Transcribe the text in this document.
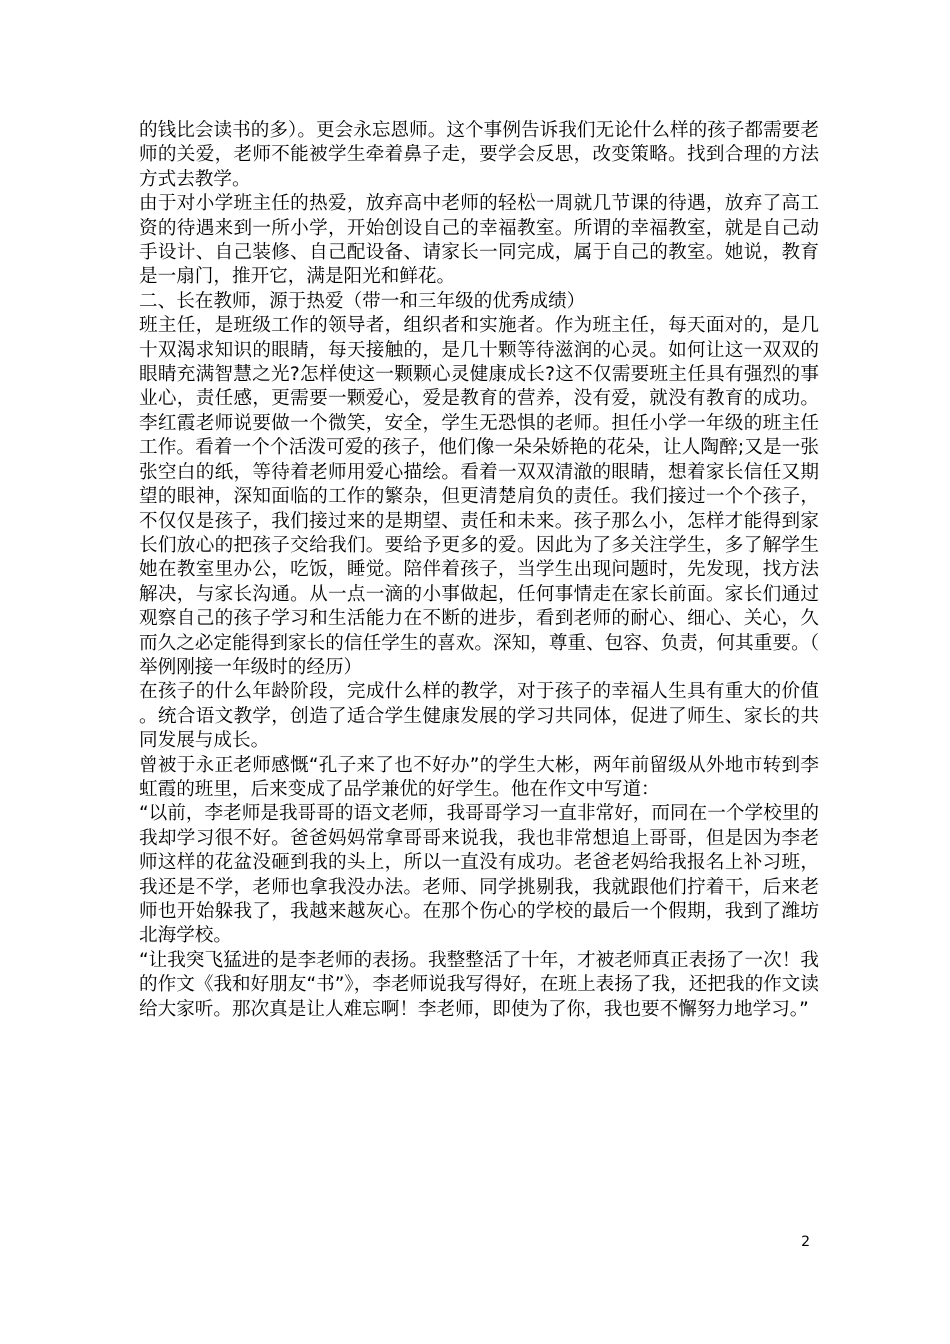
的钱比会读书的多）。更会永忘恩师。这个事例告诉我们无论什么样的孩子都需要老师的关爱，老师不能被学生牵着鼻子走，要学会反思，改变策略。找到合理的方法方式去教学。

由于对小学班主任的热爱，放弃高中老师的轻松一周就几节课的待遇，放弃了高工资的待遇来到一所小学，开始创设自己的幸福教室。所谓的幸福教室，就是自己动手设计、自己装修、自己配设备、请家长一同完成，属于自己的教室。她说，教育是一扇门，推开它，满是阳光和鲜花。

二、长在教师，源于热爱（带一和三年级的优秀成绩）

班主任，是班级工作的领导者，组织者和实施者。作为班主任，每天面对的，是几十双渴求知识的眼睛，每天接触的，是几十颗等待滋润的心灵。如何让这一双双的眼睛充满智慧之光?怎样使这一颗颗心灵健康成长?这不仅需要班主任具有强烈的事业心，责任感，更需要一颗爱心，爱是教育的营养，没有爱，就没有教育的成功。李红霞老师说要做一个微笑，安全，学生无恐惧的老师。担任小学一年级的班主任工作。看着一个个活泼可爱的孩子，他们像一朵朵娇艳的花朵，让人陶醉;又是一张张空白的纸，等待着老师用爱心描绘。看着一双双清澈的眼睛，想着家长信任又期望的眼神，深知面临的工作的繁杂，但更清楚肩负的责任。我们接过一个个孩子，不仅仅是孩子，我们接过来的是期望、责任和未来。孩子那么小，怎样才能得到家长们放心的把孩子交给我们。要给予更多的爱。因此为了多关注学生，多了解学生她在教室里办公，吃饭，睡觉。陪伴着孩子，当学生出现问题时，先发现，找方法解决，与家长沟通。从一点一滴的小事做起，任何事情走在家长前面。家长们通过观察自己的孩子学习和生活能力在不断的进步，看到老师的耐心、细心、关心，久而久之必定能得到家长的信任学生的喜欢。深知，尊重、包容、负责，何其重要。（举例刚接一年级时的经历）

在孩子的什么年龄阶段，完成什么样的教学，对于孩子的幸福人生具有重大的价值。统合语文教学，创造了适合学生健康发展的学习共同体，促进了师生、家长的共同发展与成长。

曾被于永正老师感慨“孔子来了也不好办”的学生大彬，两年前留级从外地市转到李虹霞的班里，后来变成了品学兼优的好学生。他在作文中写道：

“以前，李老师是我哥哥的语文老师，我哥哥学习一直非常好，而同在一个学校里的我却学习很不好。爸爸妈妈常拿哥哥来说我，我也非常想追上哥哥，但是因为李老师这样的花盆没砸到我的头上，所以一直没有成功。老爸老妈给我报名上补习班，我还是不学，老师也拿我没办法。老师、同学挑剔我，我就跟他们拧着干，后来老师也开始躲我了，我越来越灰心。在那个伤心的学校的最后一个假期，我到了潍坊北海学校。

“让我突飞猛进的是李老师的表扬。我整整活了十年，才被老师真正表扬了一次！我的作文《我和好朋友“书”》，李老师说我写得好，在班上表扬了我，还把我的作文读给大家听。那次真是让人难忘啊！李老师，即使为了你，我也要不懈努力地学习。”

2
